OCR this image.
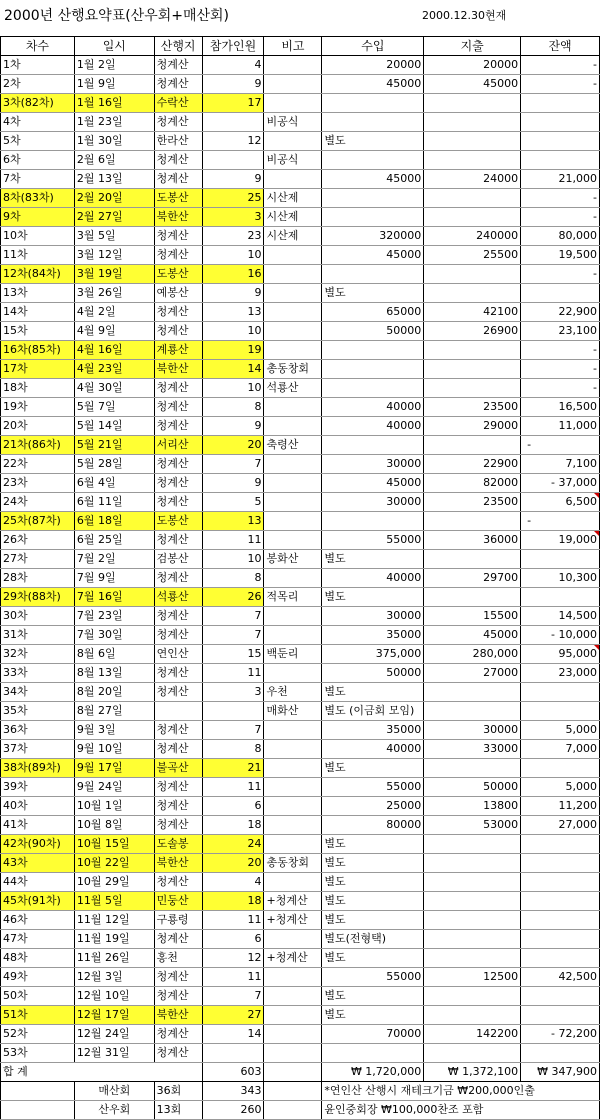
2000년 산행요약표(산우회+매산회)	2000.12.30현재
차수	일시	산행지	참가인원	비고	수입	지출	잔액
1차	1월 2일	청계산	4		20000	20000	-
2차	1월 9일	청계산	9		45000	45000	-
3차(82차)	1월 16일	수락산	17				
4차	1월 23일	청계산		비공식			
5차	1월 30일	한라산	12		별도		
6차	2월 6일	청계산		비공식			
7차	2월 13일	청계산	9		45000	24000	21,000
8차(83차)	2월 20일	도봉산	25	시산제			-
9차	2월 27일	북한산	3	시산제			-
10차	3월 5일	청계산	23	시산제	320000	240000	80,000
11차	3월 12일	청계산	10		45000	25500	19,500
12차(84차)	3월 19일	도봉산	16				-
13차	3월 26일	예봉산	9		별도		
14차	4월 2일	청계산	13		65000	42100	22,900
15차	4월 9일	청계산	10		50000	26900	23,100
16차(85차)	4월 16일	계룡산	19				-
17차	4월 23일	북한산	14	총동창회			-
18차	4월 30일	청계산	10	석룡산			-
19차	5월 7일	청계산	8		40000	23500	16,500
20차	5월 14일	청계산	9		40000	29000	11,000
21차(86차)	5월 21일	서리산	20	축령산			-
22차	5월 28일	청계산	7		30000	22900	7,100
23차	6월 4일	청계산	9		45000	82000	- 37,000
24차	6월 11일	청계산	5		30000	23500	6,500
25차(87차)	6월 18일	도봉산	13				-
26차	6월 25일	청계산	11		55000	36000	19,000
27차	7월 2일	검봉산	10	봉화산	별도		
28차	7월 9일	청계산	8		40000	29700	10,300
29차(88차)	7월 16일	석룡산	26	적목리	별도		
30차	7월 23일	청계산	7		30000	15500	14,500
31차	7월 30일	청계산	7		35000	45000	- 10,000
32차	8월 6일	연인산	15	백둔리	375,000	280,000	95,000
33차	8월 13일	청계산	11		50000	27000	23,000
34차	8월 20일	청계산	3	우천	별도		
35차	8월 27일			매화산	별도 (이금회 모임)		
36차	9월 3일	청계산	7		35000	30000	5,000
37차	9월 10일	청계산	8		40000	33000	7,000
38차(89차)	9월 17일	불곡산	21		별도		
39차	9월 24일	청계산	11		55000	50000	5,000
40차	10월 1일	청계산	6		25000	13800	11,200
41차	10월 8일	청계산	18		80000	53000	27,000
42차(90차)	10월 15일	도솔봉	24		별도		
43차	10월 22일	북한산	20	총동창회	별도		
44차	10월 29일	청계산	4		별도		
45차(91차)	11월 5일	민둥산	18	+청계산	별도		
46차	11월 12일	구룡령	11	+청계산	별도		
47차	11월 19일	청계산	6		별도(전형택)		
48차	11월 26일	홍천	12	+청계산	별도		
49차	12월 3일	청계산	11		55000	12500	42,500
50차	12월 10일	청계산	7		별도		
51차	12월 17일	북한산	27		별도		
52차	12월 24일	청계산	14		70000	142200	- 72,200
53차	12월 31일	청계산					
합 계			603		₩ 1,720,000	₩ 1,372,100	₩ 347,900
	매산회	36회	343		*연인산 산행시 재테크기금 ₩200,000인출		
	산우회	13회	260		윤인중회장 ₩100,000찬조 포함		
